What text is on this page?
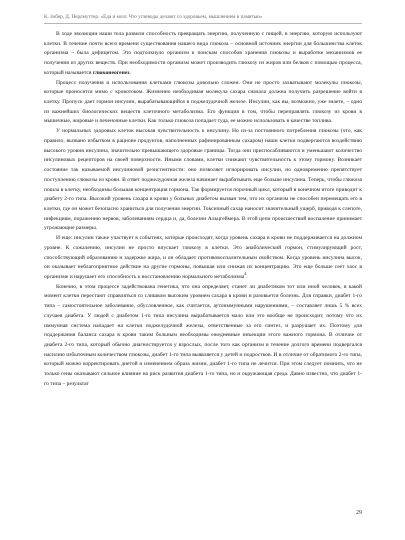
К. Зобер, Д. Перлмуттер. «Еда и мозг. Что углеводы делают со здоровьем, мышлением и памятью»

В ходе эволюции наши тела развили способность превращать энергию, полученную с пищей, в энергию, которую используют клетки. В течение почти всего времени существования нашего вида глюкоза – основной источник энергии для большинства клеток организма – была дефицитом. Это подтолкнуло организм к поискам способов хранения глюкозы и выработке механизмов ее получения из других веществ. При необходимости организм может производить глюкозу из жиров или белков с помощью процесса, который называется глюконеогенез.

Процесс получения и использования клетками глюкозы довольно сложен. Они не просто захватывают молекулы глюкозы, которые проносятся мимо с кровотоком. Жизненно необходимая молекула сахара сначала должна получить разрешение войти в клетку. Пропуск дает гормон инсулин, вырабатывающийся в поджелудочной железе. Инсулин, как вы, возможно, уже знаете, – одно из важнейших биологических веществ клеточного метаболизма. Его функция в том, чтобы переправлять глюкозу из крови в мышечные, жировые и печеночные клетки. Как только глюкоза попадает туда, ее можно использовать в качестве топлива.

У нормальных здоровых клеток высокая чувствительность к инсулину. Но из-за постоянного потребления глюкозы (что, как правило, вызвано избытком в рационе продуктов, наполненных рафинированным сахаром) наши клетки подвергаются воздействию высокого уровня инсулина, значительно превышающего здоровые границы. Тогда они приспосабливаются и уменьшают количество инсулиновых рецепторов на своей поверхности. Иными словами, клетки снижают чувствительность к этому гормону. Возникает состояние так называемой инсулиновой резистентности: оно позволяет игнорировать инсулин, но одновременно препятствует поступлению глюкозы из крови. В ответ поджелудочная железа начинает вырабатывать еще больше инсулина. Теперь, чтобы глюкоза пошла в клетку, необходимы большая концентрация гормона. Так формируется порочный цикл, который в конечном итоге приводит к диабету 2-го типа. Высокий уровень сахара в крови у больных диабетом вызван тем, что их организм не способен перемещать его в клетки, где он может безопасно храниться для получения энергии. Токсичный сахар наносит значительный ущерб, приводя к слепоте, инфекциям, поражению нервов, заболеваниям сердца и, да, болезни Альцгеймера. В этой цепи происшествий воспаление принимает угрожающие размеры.

И еще: инсулин также участвует в событиях, которые происходят, когда уровень сахара в крови не поддерживается на должном уровне. К сожалению, инсулин не просто впускает глюкозу в клетки. Это анаболический гормон, стимулирующий рост, способствующий образованию и задержке жира, и он обладает противовоспалительным свойством. Когда уровень инсулина высок, он оказывает неблагоприятное действие на другие гормоны, повышая или снижая их концентрацию. Это еще больше сеет хаос в организме и нарушает его способность к восстановлению нормального метаболизма$^4$.

Конечно, в этом процессе задействована генетика, что она определяет, станет ли диабетиком тот или иной человек, в какой момент клетки перестают справляться со слишком высоким уровнем сахара в крови и разовьется болезнь. Для справки, диабет 1-го типа – самостоятельное заболевание, обусловленное, как считается, аутоиммунными нарушениями, – составляет лишь 5 % всех случаев диабета. У людей с диабетом 1-го типа инсулина вырабатывается мало или это вообще не происходит, потому что их иммунная система нападает на клетки поджелудочной железы, ответственные за его синтез, и разрушает их. Поэтому для поддержания баланса сахара в крови таким больным необходимы ежедневные инъекции этого важного гормона. В отличие от диабета 2-го типа, который обычно диагностируется у взрослых, после того как организм в течение долгого времени подвергался насилию избыточным количеством глюкозы, диабет 1-го типа выявляется у детей и подростков. И в отличие от обратимого 2-го типа, который можно корректировать диетой и изменением образа жизни, диабет 1-го типа не лечится. При этом следует помнить, что не только гены оказывают сильное влияние на риск развития диабета 1-го типа, но и окружающая среда. Давно известно, что диабет 1-го типа – результат

29
